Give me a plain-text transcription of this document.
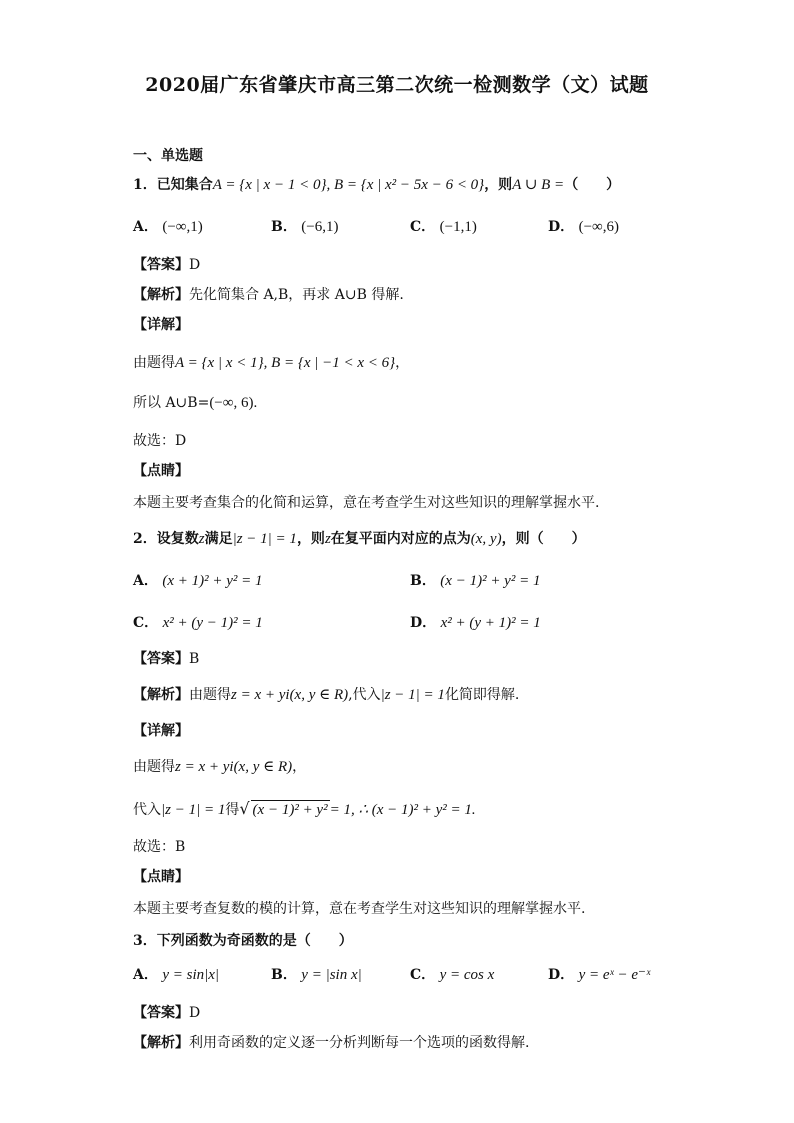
2020届广东省肇庆市高三第二次统一检测数学（文）试题
一、单选题
1．已知集合A = {x | x − 1 < 0}, B = {x | x² − 5x − 6 < 0}，则A ∪ B =（　　）
A． (−∞,1)	B． (−6,1)	C． (−1,1)	D． (−∞,6)
【答案】D
【解析】先化简集合 A,B，再求 A∪B 得解.
【详解】
由题得A = {x | x < 1}, B = {x | −1 < x < 6}，
所以 A∪B=(−∞, 6).
故选：D
【点睛】
本题主要考查集合的化简和运算，意在考查学生对这些知识的理解掌握水平.
2．设复数z满足|z − 1| = 1，则z在复平面内对应的点为(x, y)，则（　　）
A． (x + 1)² + y² = 1	B． (x − 1)² + y² = 1
C． x² + (y − 1)² = 1	D． x² + (y + 1)² = 1
【答案】B
【解析】由题得z = x + yi(x, y ∈ R),代入|z − 1| = 1化简即得解.
【详解】
由题得z = x + yi(x, y ∈ R)，
代入|z − 1| = 1得√ (x − 1)² + y² = 1, ∴ (x − 1)² + y² = 1.
故选：B
【点睛】
本题主要考查复数的模的计算，意在考查学生对这些知识的理解掌握水平.
3．下列函数为奇函数的是（　　）
A． y = sin|x|	B． y = |sin x|	C． y = cos x	D． y = eˣ − e⁻ˣ
【答案】D
【解析】利用奇函数的定义逐一分析判断每一个选项的函数得解.
